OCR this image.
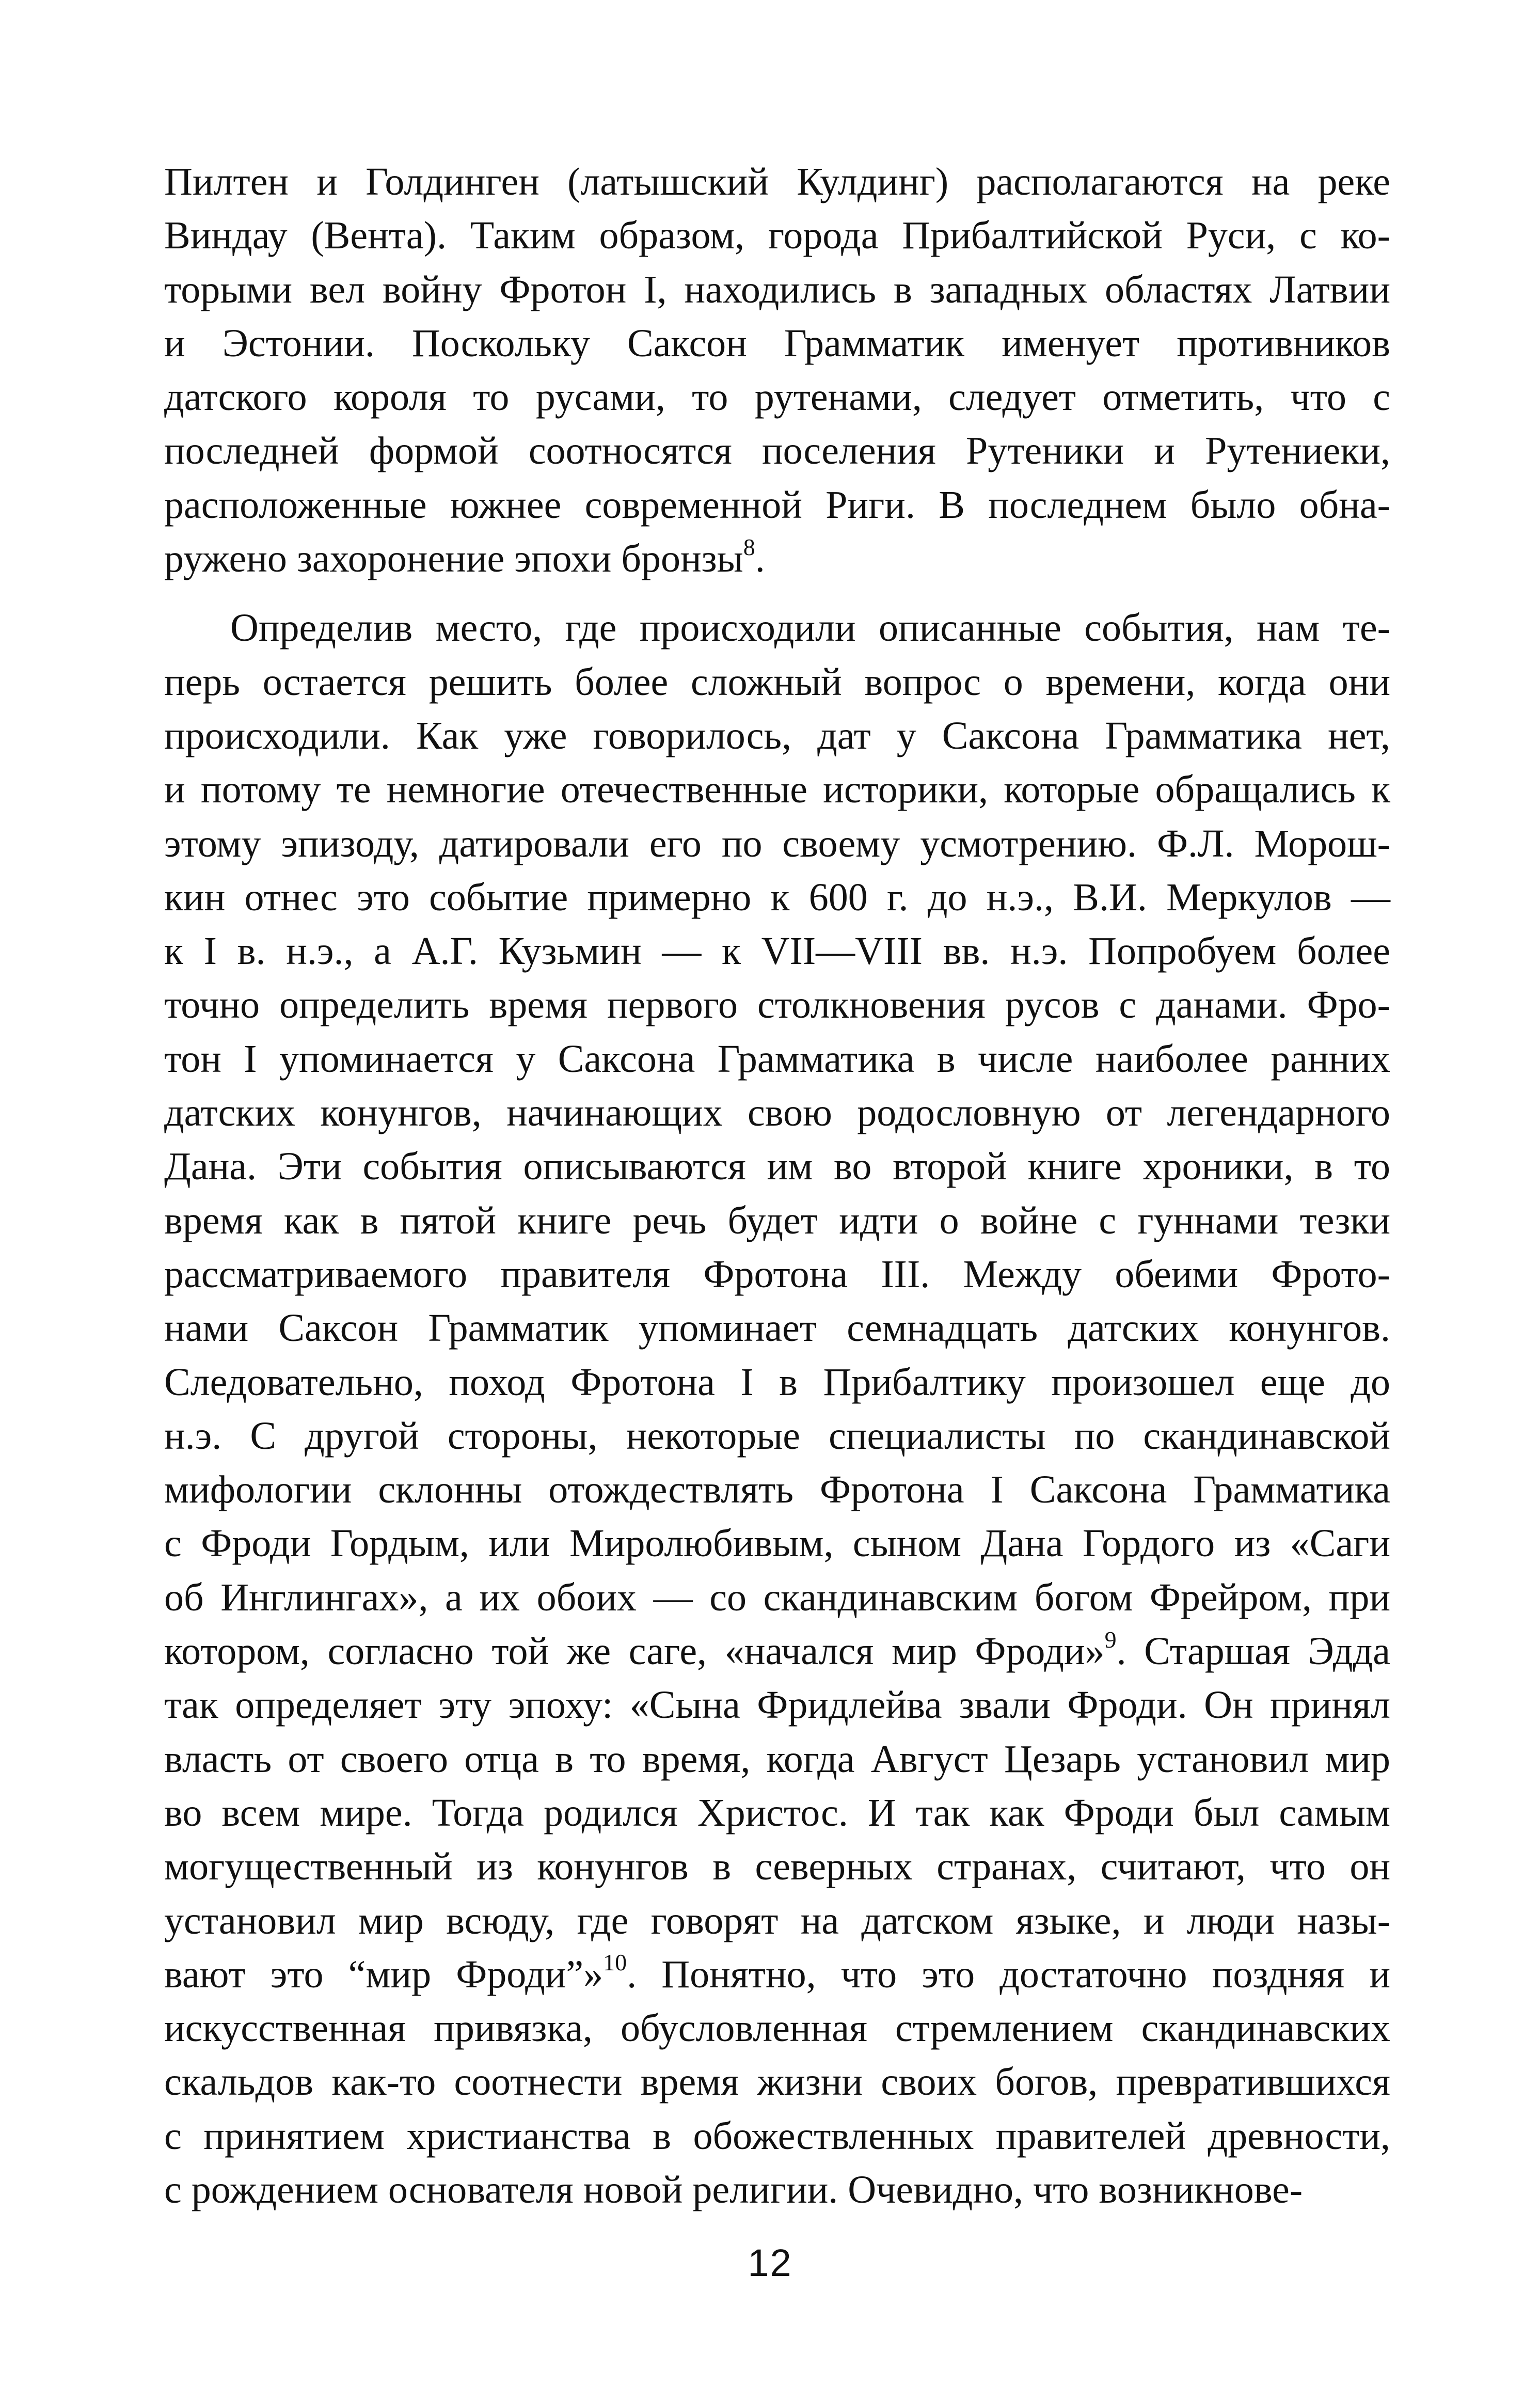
Пилтен и Голдинген (латышский Кулдинг) располагаются на реке
Виндау (Вента). Таким образом, города Прибалтийской Руси, с ко-
торыми вел войну Фротон I, находились в западных областях Латвии
и Эстонии. Поскольку Саксон Грамматик именует противников
датского короля то русами, то рутенами, следует отметить, что с
последней формой соотносятся поселения Рутеники и Рутениеки,
расположенные южнее современной Риги. В последнем было обна-
ружено захоронение эпохи бронзы$^8$.
Определив место, где происходили описанные события, нам те-
перь остается решить более сложный вопрос о времени, когда они
происходили. Как уже говорилось, дат у Саксона Грамматика нет,
и потому те немногие отечественные историки, которые обращались к
этому эпизоду, датировали его по своему усмотрению. Ф.Л. Морош-
кин отнес это событие примерно к 600 г. до н.э., В.И. Меркулов —
к I в. н.э., а А.Г. Кузьмин — к VII—VIII вв. н.э. Попробуем более
точно определить время первого столкновения русов с данами. Фро-
тон I упоминается у Саксона Грамматика в числе наиболее ранних
датских конунгов, начинающих свою родословную от легендарного
Дана. Эти события описываются им во второй книге хроники, в то
время как в пятой книге речь будет идти о войне с гуннами тезки
рассматриваемого правителя Фротона III. Между обеими Фрото-
нами Саксон Грамматик упоминает семнадцать датских конунгов.
Следовательно, поход Фротона I в Прибалтику произошел еще до
н.э. С другой стороны, некоторые специалисты по скандинавской
мифологии склонны отождествлять Фротона I Саксона Грамматика
с Фроди Гордым, или Миролюбивым, сыном Дана Гордого из «Саги
об Инглингах», а их обоих — со скандинавским богом Фрейром, при
котором, согласно той же саге, «начался мир Фроди»$^9$. Старшая Эдда
так определяет эту эпоху: «Сына Фридлейва звали Фроди. Он принял
власть от своего отца в то время, когда Август Цезарь установил мир
во всем мире. Тогда родился Христос. И так как Фроди был самым
могущественный из конунгов в северных странах, считают, что он
установил мир всюду, где говорят на датском языке, и люди назы-
вают это “мир Фроди”»$^{10}$. Понятно, что это достаточно поздняя и
искусственная привязка, обусловленная стремлением скандинавских
скальдов как-то соотнести время жизни своих богов, превратившихся
с принятием христианства в обожествленных правителей древности,
с рождением основателя новой религии. Очевидно, что возникнове-
12
